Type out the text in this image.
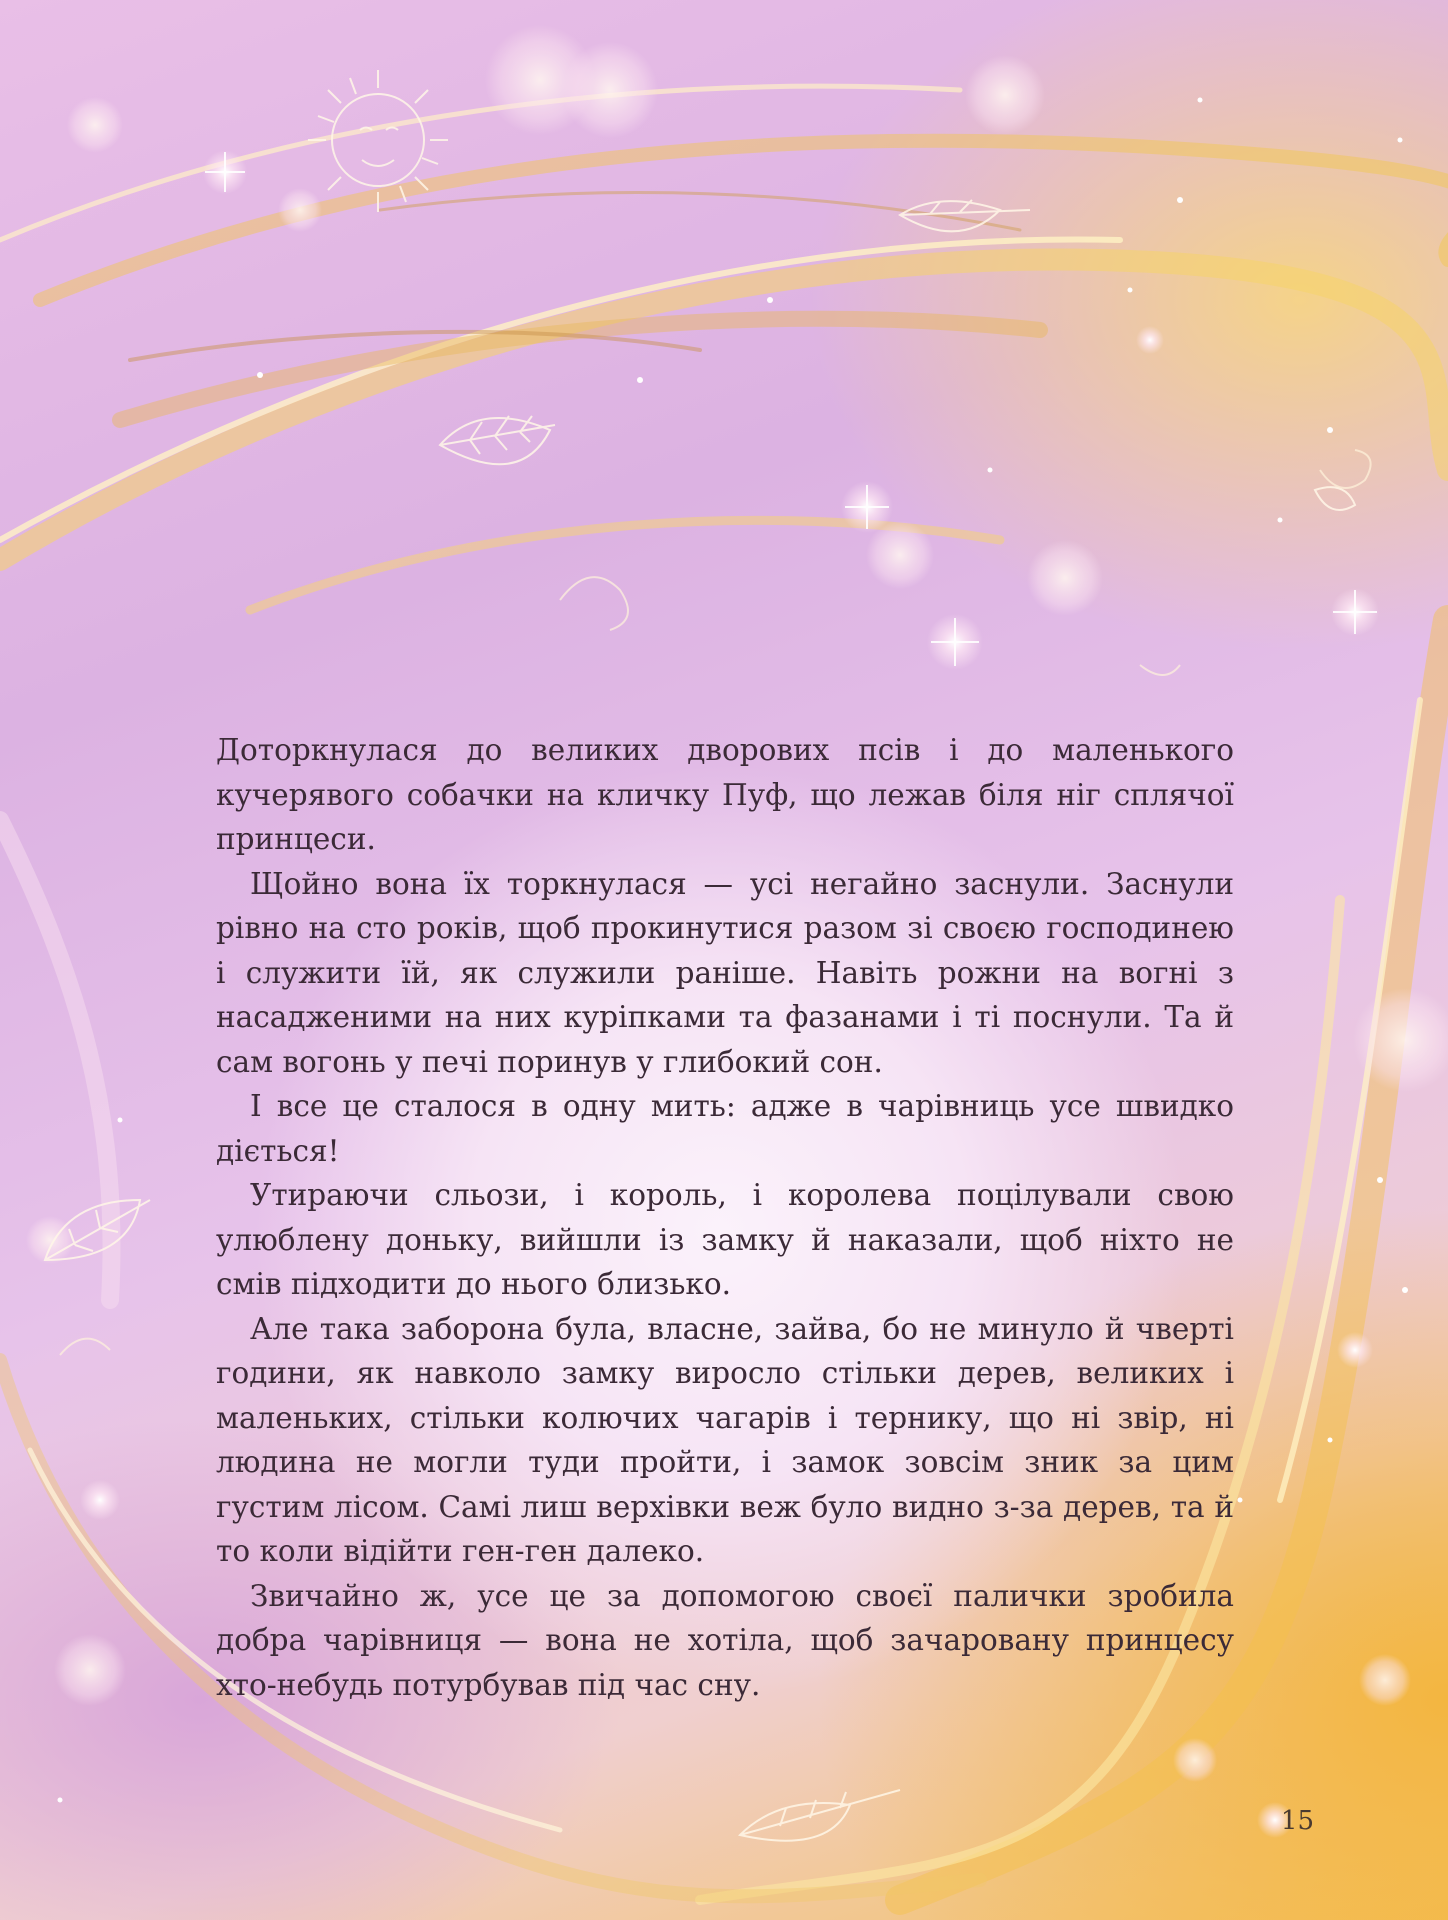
Доторкнулася до великих дворових псів і до маленького кучерявого собачки на кличку Пуф, що лежав біля ніг сплячої принцеси.

Щойно вона їх торкнулася — усі негайно заснули. Заснули рівно на сто років, щоб прокинутися разом зі своєю господинею і служити їй, як служили раніше. Навіть рожни на вогні з насадженими на них куріпками та фазанами і ті поснули. Та й сам вогонь у печі поринув у глибокий сон.

І все це сталося в одну мить: адже в чарівниць усе швидко діється!

Утираючи сльози, і король, і королева поцілували свою улюблену доньку, вийшли із замку й наказали, щоб ніхто не смів підходити до нього близько.

Але така заборона була, власне, зайва, бо не минуло й чверті години, як навколо замку виросло стільки дерев, великих і маленьких, стільки колючих чагарів і тернику, що ні звір, ні людина не могли туди пройти, і замок зовсім зник за цим густим лісом. Самі лиш верхівки веж було видно з-за дерев, та й то коли відійти ген-ген далеко.

Звичайно ж, усе це за допомогою своєї палички зробила добра чарівниця — вона не хотіла, щоб зачаровану принцесу хто-небудь потурбував під час сну.

15
